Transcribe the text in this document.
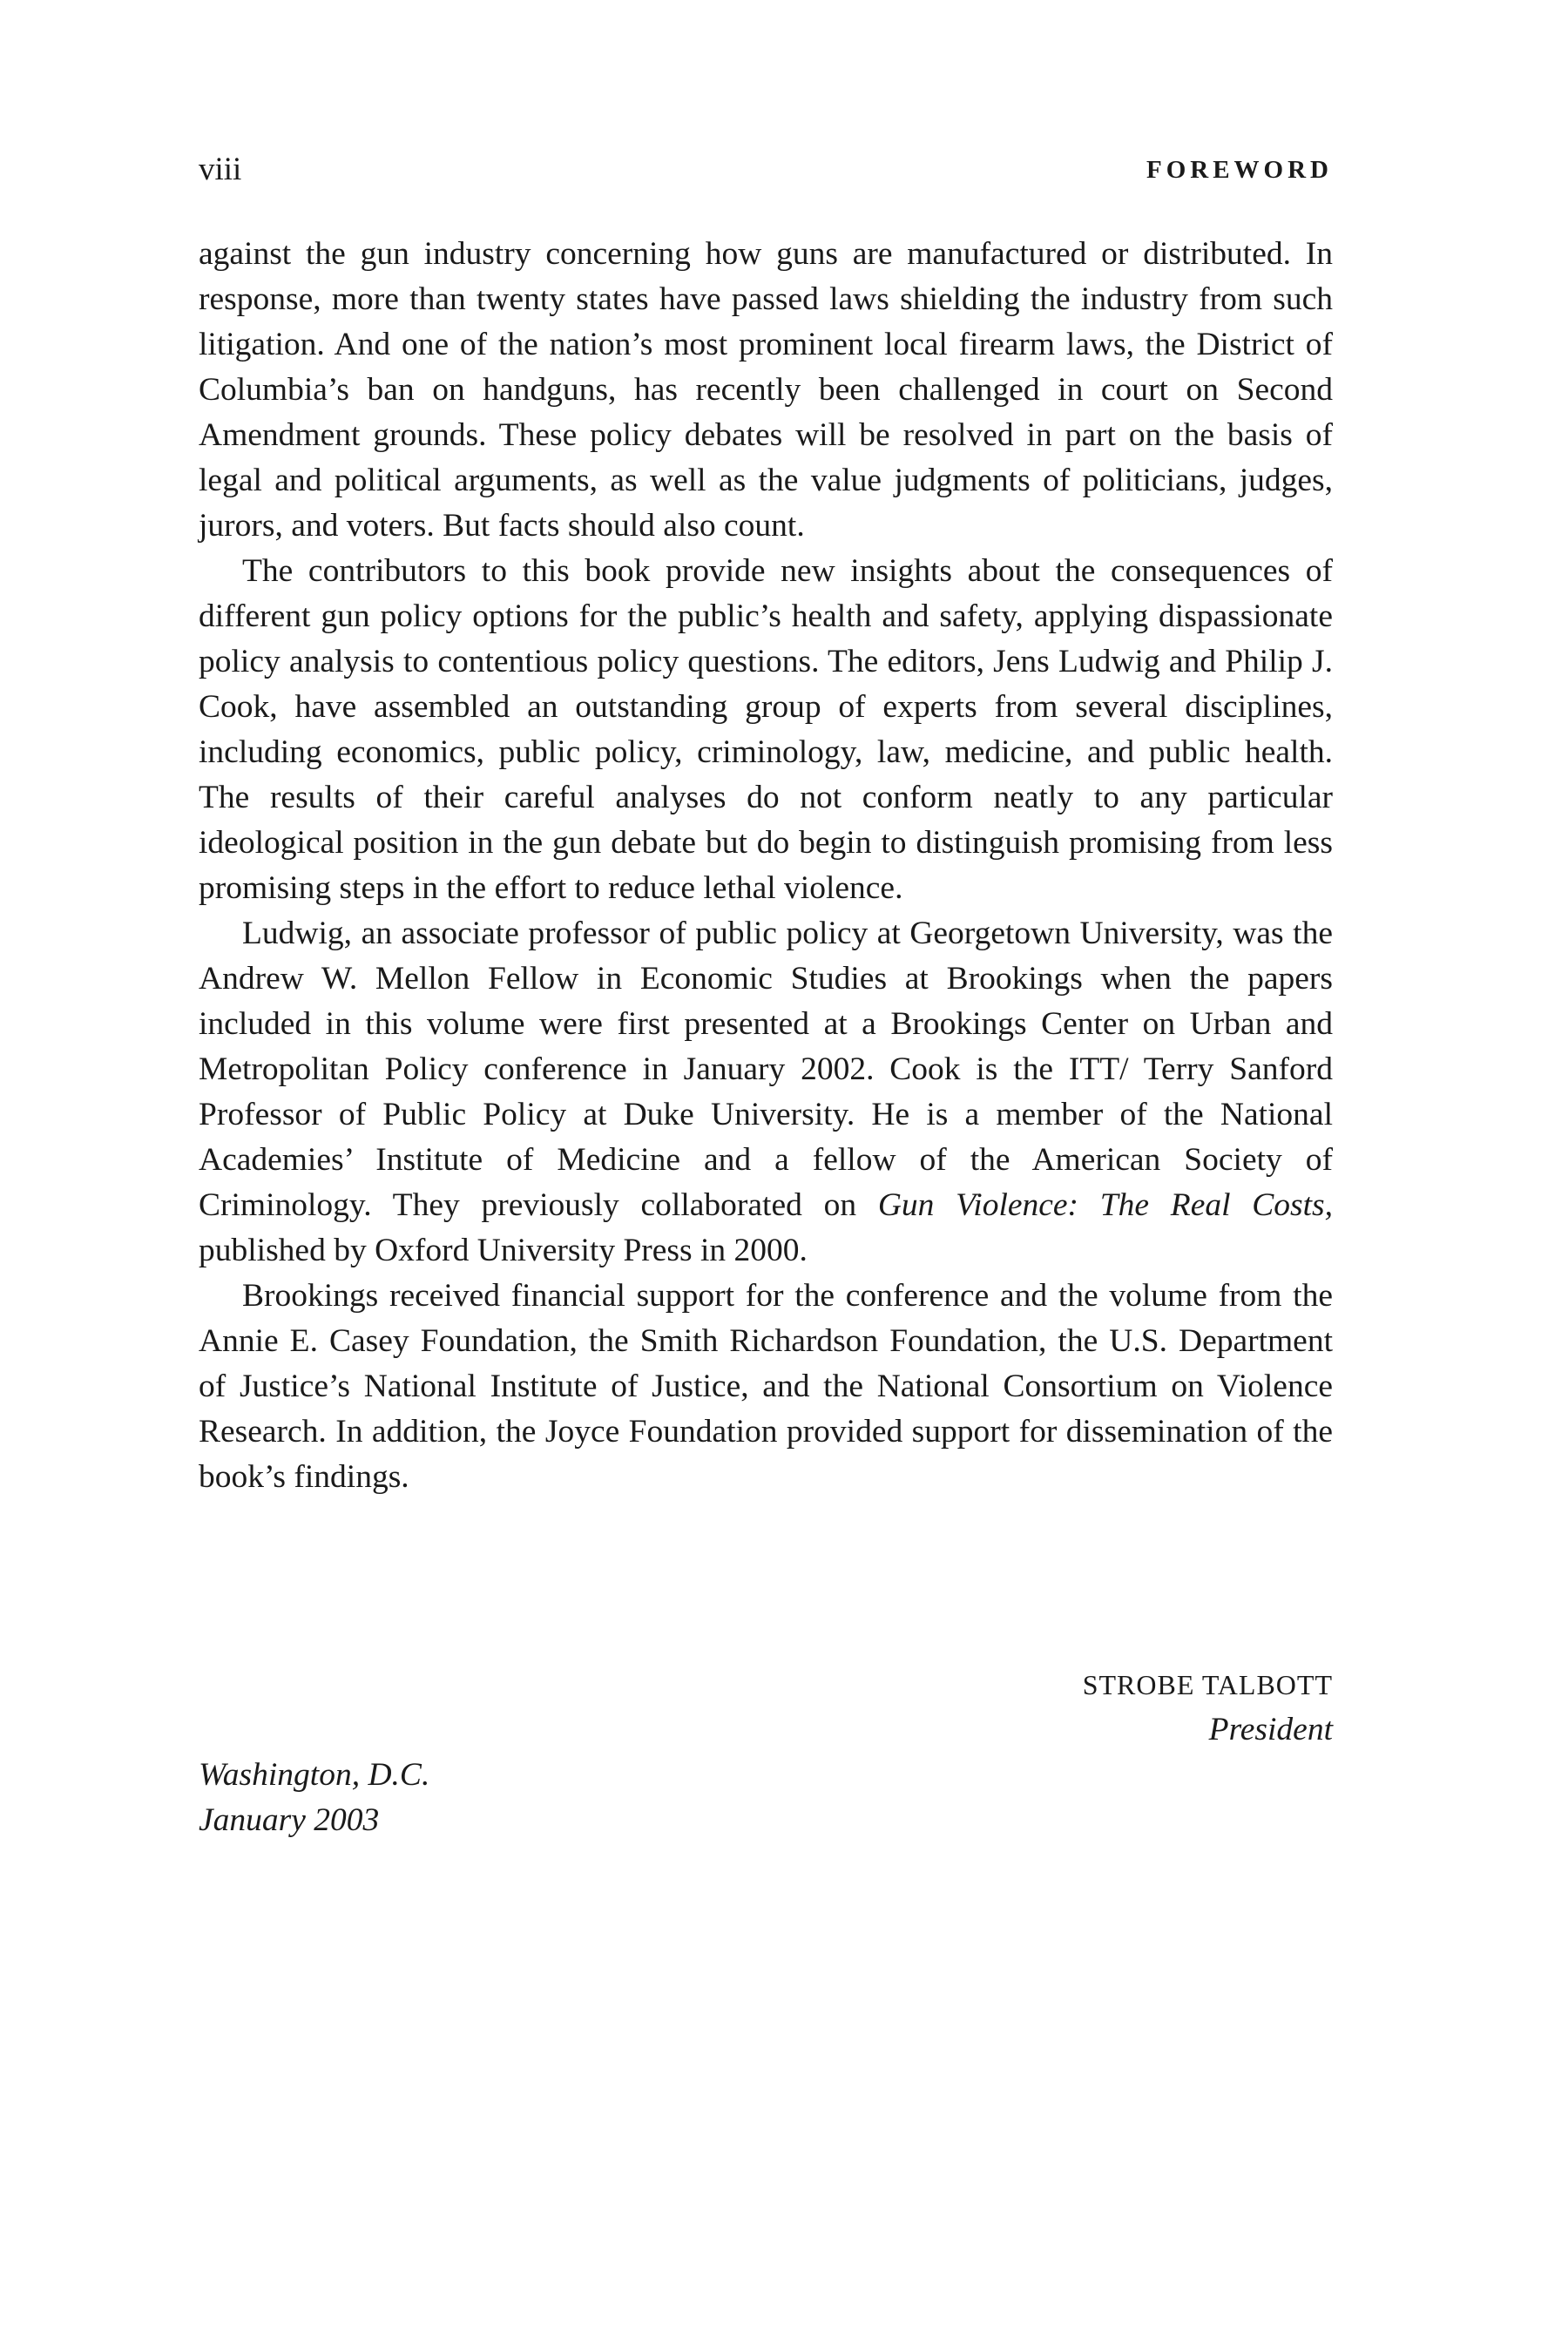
viii	FOREWORD

against the gun industry concerning how guns are manufactured or distributed. In response, more than twenty states have passed laws shielding the industry from such litigation. And one of the nation’s most prominent local firearm laws, the District of Columbia’s ban on handguns, has recently been challenged in court on Second Amendment grounds. These policy debates will be resolved in part on the basis of legal and political arguments, as well as the value judgments of politicians, judges, jurors, and voters. But facts should also count.

The contributors to this book provide new insights about the consequences of different gun policy options for the public’s health and safety, applying dispassionate policy analysis to contentious policy questions. The editors, Jens Ludwig and Philip J. Cook, have assembled an outstanding group of experts from several disciplines, including economics, public policy, criminology, law, medicine, and public health. The results of their careful analyses do not conform neatly to any particular ideological position in the gun debate but do begin to distinguish promising from less promising steps in the effort to reduce lethal violence.

Ludwig, an associate professor of public policy at Georgetown University, was the Andrew W. Mellon Fellow in Economic Studies at Brookings when the papers included in this volume were first presented at a Brookings Center on Urban and Metropolitan Policy conference in January 2002. Cook is the ITT/ Terry Sanford Professor of Public Policy at Duke University. He is a member of the National Academies’ Institute of Medicine and a fellow of the American Society of Criminology. They previously collaborated on Gun Violence: The Real Costs, published by Oxford University Press in 2000.

Brookings received financial support for the conference and the volume from the Annie E. Casey Foundation, the Smith Richardson Foundation, the U.S. Department of Justice’s National Institute of Justice, and the National Consortium on Violence Research. In addition, the Joyce Foundation provided support for dissemination of the book’s findings.

STROBE TALBOTT
President
Washington, D.C.
January 2003
